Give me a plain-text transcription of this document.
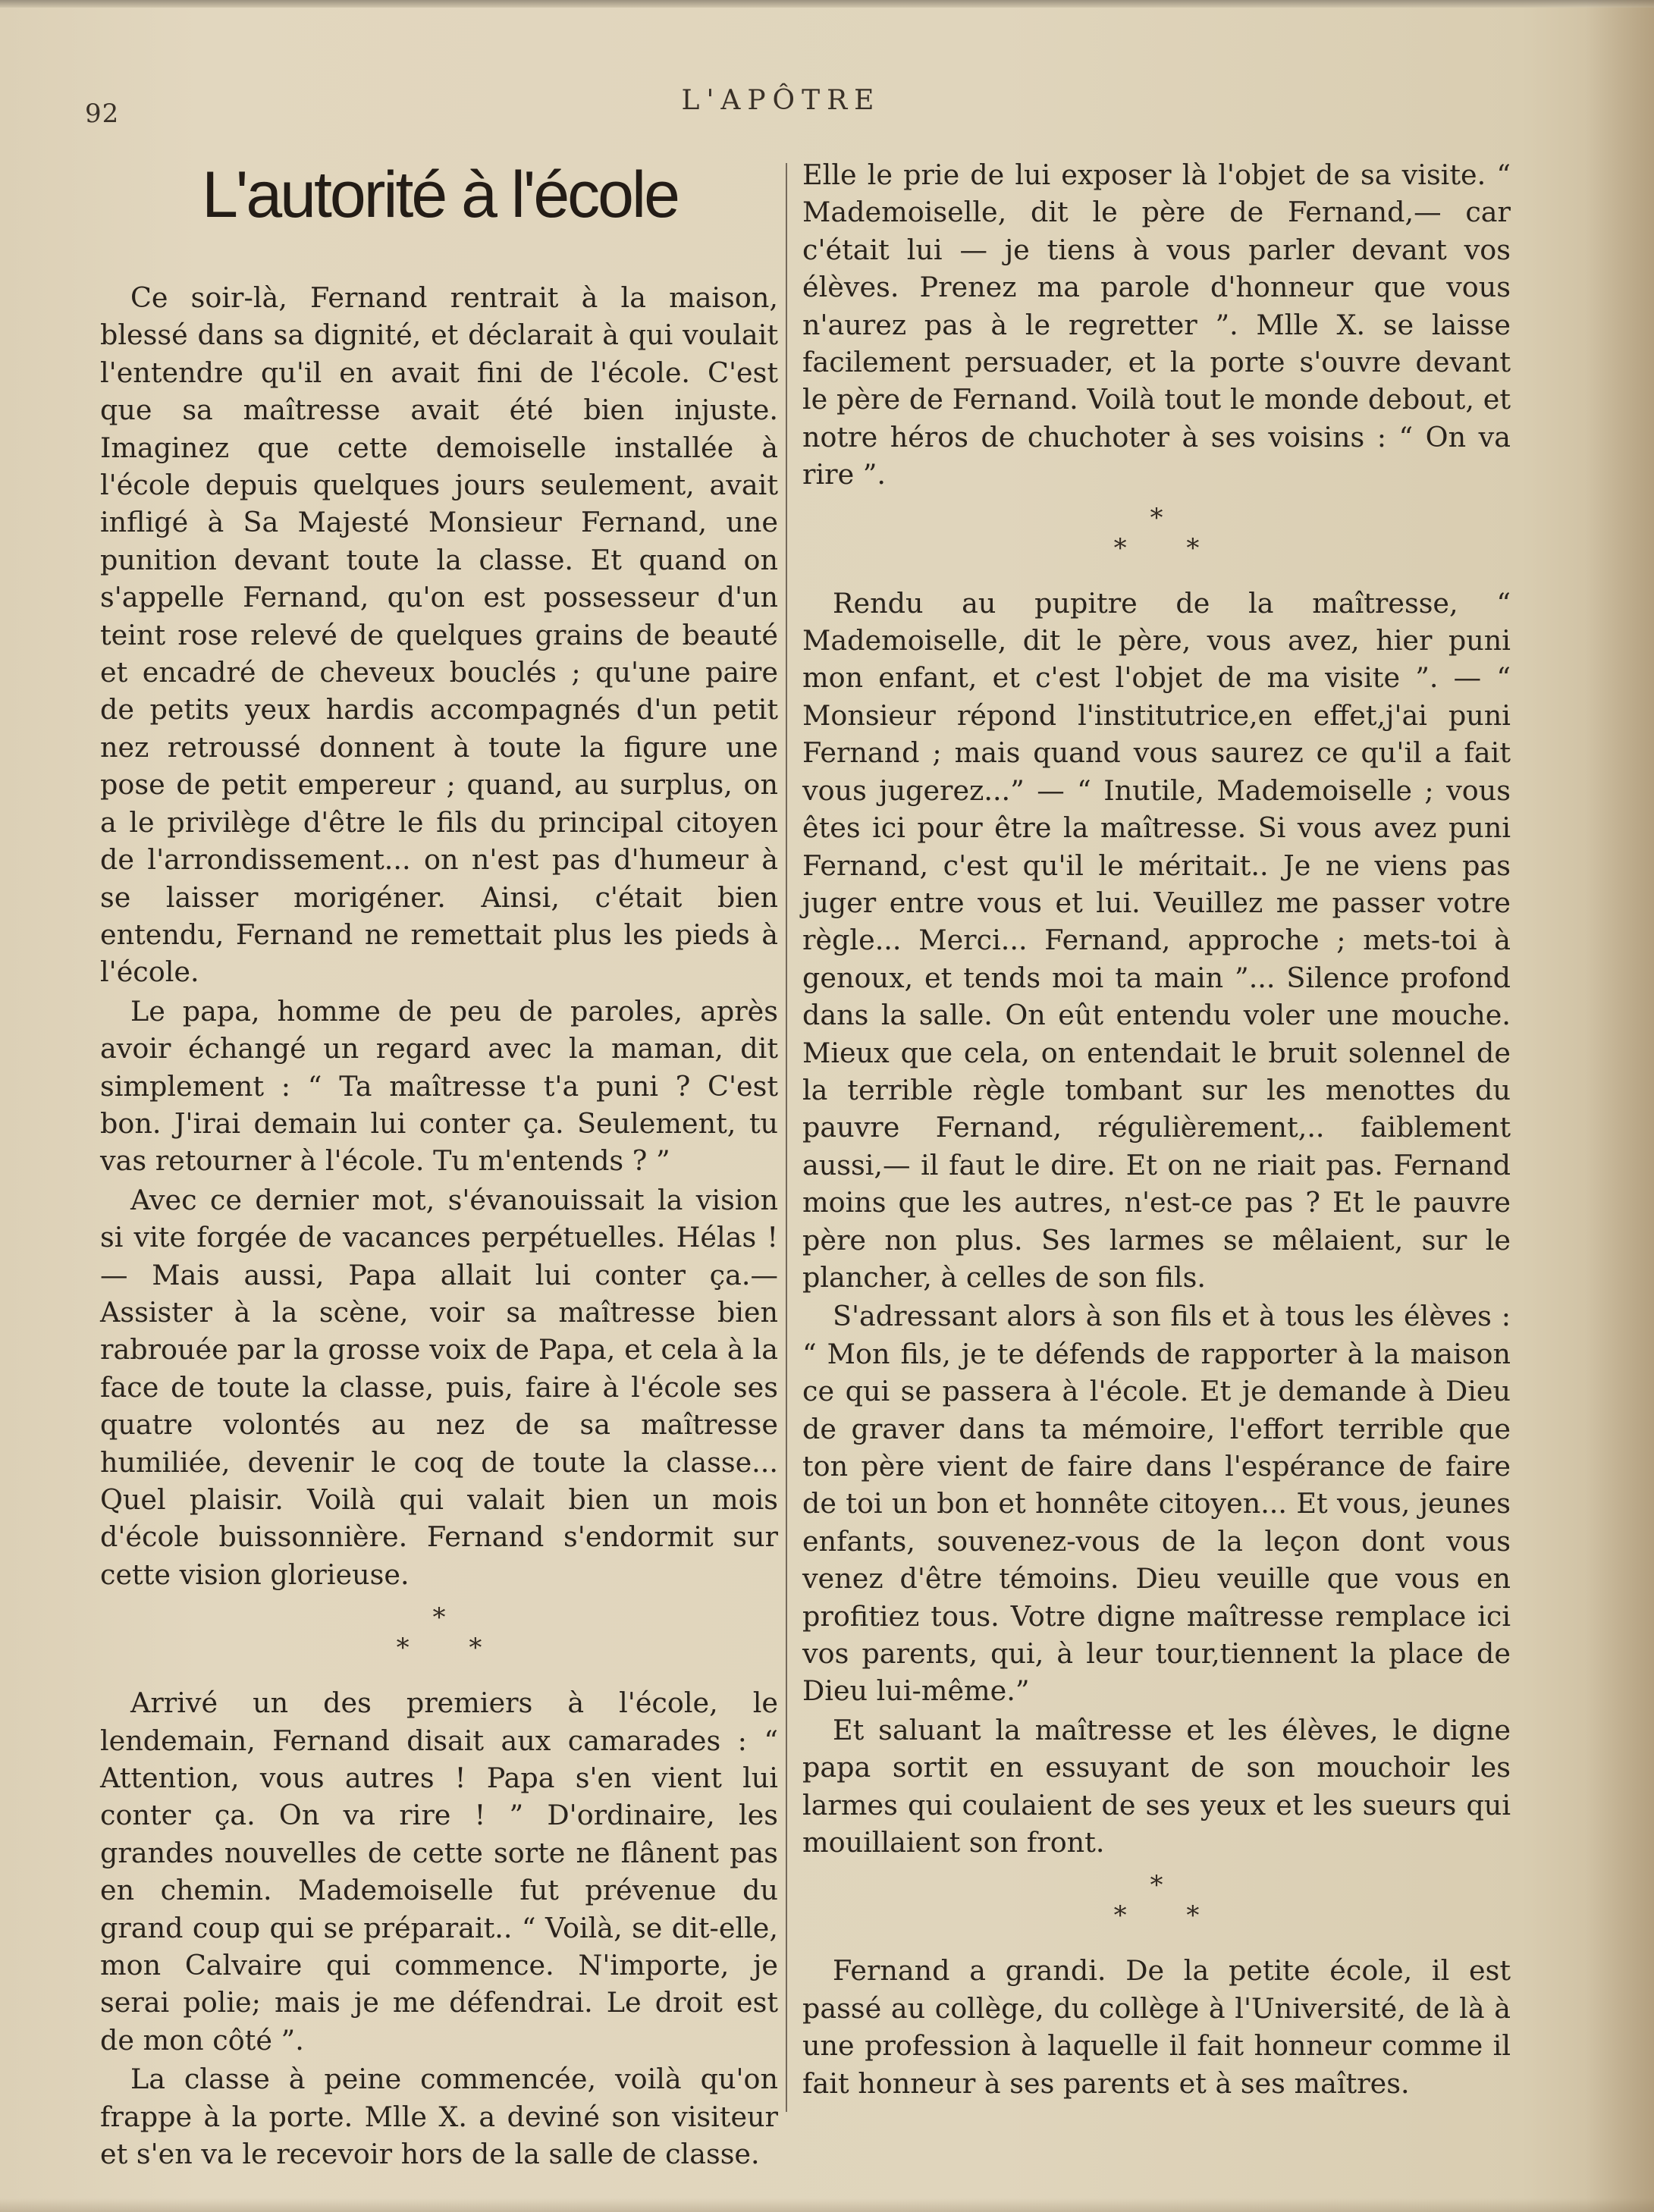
92	L'APÔTRE
L'autorité à l'école

Ce soir-là, Fernand rentrait à la maison, blessé dans sa dignité, et déclarait à qui voulait l'entendre qu'il en avait fini de l'école. C'est que sa maîtresse avait été bien injuste. Imaginez que cette demoiselle installée à l'école depuis quelques jours seulement, avait infligé à Sa Majesté Monsieur Fernand, une punition devant toute la classe. Et quand on s'appelle Fernand, qu'on est possesseur d'un teint rose relevé de quelques grains de beauté et encadré de cheveux bouclés ; qu'une paire de petits yeux hardis accompagnés d'un petit nez retroussé donnent à toute la figure une pose de petit empereur ; quand, au surplus, on a le privilège d'être le fils du principal citoyen de l'arrondissement... on n'est pas d'humeur à se laisser morigéner. Ainsi, c'était bien entendu, Fernand ne remettait plus les pieds à l'école.

Le papa, homme de peu de paroles, après avoir échangé un regard avec la maman, dit simplement : “ Ta maîtresse t'a puni ? C'est bon. J'irai demain lui conter ça. Seulement, tu vas retourner à l'école. Tu m'entends ? ”

Avec ce dernier mot, s'évanouissait la vision si vite forgée de vacances perpétuelles. Hélas ! — Mais aussi, Papa allait lui conter ça.— Assister à la scène, voir sa maîtresse bien rabrouée par la grosse voix de Papa, et cela à la face de toute la classe, puis, faire à l'école ses quatre volontés au nez de sa maîtresse humiliée, devenir le coq de toute la classe... Quel plaisir. Voilà qui valait bien un mois d'école buissonnière. Fernand s'endormit sur cette vision glorieuse.

*
* *

Arrivé un des premiers à l'école, le lendemain, Fernand disait aux camarades : “ Attention, vous autres ! Papa s'en vient lui conter ça. On va rire ! ” D'ordinaire, les grandes nouvelles de cette sorte ne flânent pas en chemin. Mademoiselle fut prévenue du grand coup qui se préparait.. “ Voilà, se dit-elle, mon Calvaire qui commence. N'importe, je serai polie; mais je me défendrai. Le droit est de mon côté ”.

La classe à peine commencée, voilà qu'on frappe à la porte. Mlle X. a deviné son visiteur et s'en va le recevoir hors de la salle de classe.

Elle le prie de lui exposer là l'objet de sa visite. “ Mademoiselle, dit le père de Fernand,— car c'était lui — je tiens à vous parler devant vos élèves. Prenez ma parole d'honneur que vous n'aurez pas à le regretter ”. Mlle X. se laisse facilement persuader, et la porte s'ouvre devant le père de Fernand. Voilà tout le monde debout, et notre héros de chuchoter à ses voisins : “ On va rire ”.

*
* *

Rendu au pupitre de la maîtresse, “ Mademoiselle, dit le père, vous avez, hier puni mon enfant, et c'est l'objet de ma visite ”. — “ Monsieur répond l'institutrice,en effet,j'ai puni Fernand ; mais quand vous saurez ce qu'il a fait vous jugerez...” — “ Inutile, Mademoiselle ; vous êtes ici pour être la maîtresse. Si vous avez puni Fernand, c'est qu'il le méritait.. Je ne viens pas juger entre vous et lui. Veuillez me passer votre règle... Merci... Fernand, approche ; mets-toi à genoux, et tends moi ta main ”... Silence profond dans la salle. On eût entendu voler une mouche. Mieux que cela, on entendait le bruit solennel de la terrible règle tombant sur les menottes du pauvre Fernand, régulièrement,.. faiblement aussi,— il faut le dire. Et on ne riait pas. Fernand moins que les autres, n'est-ce pas ? Et le pauvre père non plus. Ses larmes se mêlaient, sur le plancher, à celles de son fils.

S'adressant alors à son fils et à tous les élèves : “ Mon fils, je te défends de rapporter à la maison ce qui se passera à l'école. Et je demande à Dieu de graver dans ta mémoire, l'effort terrible que ton père vient de faire dans l'espérance de faire de toi un bon et honnête citoyen... Et vous, jeunes enfants, souvenez-vous de la leçon dont vous venez d'être témoins. Dieu veuille que vous en profitiez tous. Votre digne maîtresse remplace ici vos parents, qui, à leur tour,tiennent la place de Dieu lui-même.”

Et saluant la maîtresse et les élèves, le digne papa sortit en essuyant de son mouchoir les larmes qui coulaient de ses yeux et les sueurs qui mouillaient son front.

*
* *

Fernand a grandi. De la petite école, il est passé au collège, du collège à l'Université, de là à une profession à laquelle il fait honneur comme il fait honneur à ses parents et à ses maîtres.
